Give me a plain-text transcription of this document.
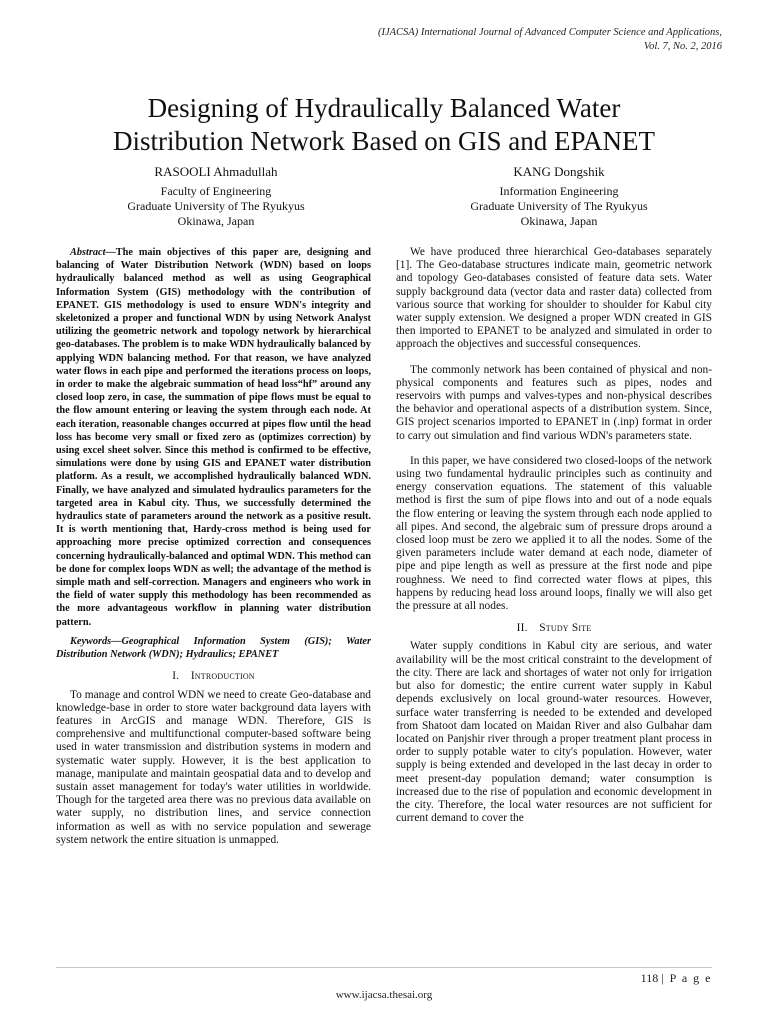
(IJACSA) International Journal of Advanced Computer Science and Applications,
Vol. 7, No. 2, 2016
Designing of Hydraulically Balanced Water
Distribution Network Based on GIS and EPANET
RASOOLI Ahmadullah
Faculty of Engineering
Graduate University of The Ryukyus
Okinawa, Japan
KANG Dongshik
Information Engineering
Graduate University of The Ryukyus
Okinawa, Japan

Abstract—The main objectives of this paper are, designing and balancing of Water Distribution Network (WDN) based on loops hydraulically balanced method as well as using Geographical Information System (GIS) methodology with the contribution of EPANET. GIS methodology is used to ensure WDN's integrity and skeletonized a proper and functional WDN by using Network Analyst utilizing the geometric network and topology network by hierarchical geo-databases. The problem is to make WDN hydraulically balanced by applying WDN balancing method. For that reason, we have analyzed water flows in each pipe and performed the iterations process on loops, in order to make the algebraic summation of head loss“hf” around any closed loop zero, in case, the summation of pipe flows must be equal to the flow amount entering or leaving the system through each node. At each iteration, reasonable changes occurred at pipes flow until the head loss has become very small or fixed zero as (optimizes correction) by using excel sheet solver. Since this method is confirmed to be effective, simulations were done by using GIS and EPANET water distribution platform. As a result, we accomplished hydraulically balanced WDN. Finally, we have analyzed and simulated hydraulics parameters for the targeted area in Kabul city. Thus, we successfully determined the hydraulics state of parameters around the network as a positive result. It is worth mentioning that, Hardy-cross method is being used for approaching more precise optimized correction and consequences concerning hydraulically-balanced and optimal WDN. This method can be done for complex loops WDN as well; the advantage of the method is simple math and self-correction. Managers and engineers who work in the field of water supply this methodology has been recommended as the more advantageous workflow in planning water distribution pattern.

Keywords—Geographical Information System (GIS); Water Distribution Network (WDN); Hydraulics; EPANET

I. Introduction

To manage and control WDN we need to create Geo-database and knowledge-base in order to store water background data layers with features in ArcGIS and manage WDN. Therefore, GIS is comprehensive and multifunctional computer-based software being used in water transmission and distribution systems in modern and systematic water supply. However, it is the best application to manage, manipulate and maintain geospatial data and to develop and sustain asset management for today's water utilities in worldwide. Though for the targeted area there was no previous data available on water supply, no distribution lines, and service connection information as well as with no service population and sewerage system network the entire situation is unmapped.

We have produced three hierarchical Geo-databases separately [1]. The Geo-database structures indicate main, geometric network and topology Geo-databases consisted of feature data sets. Water supply background data (vector data and raster data) collected from various source that working for shoulder to shoulder for Kabul city water supply extension. We designed a proper WDN created in GIS then imported to EPANET to be analyzed and simulated in order to approach the objectives and successful consequences.

The commonly network has been contained of physical and non-physical components and features such as pipes, nodes and reservoirs with pumps and valves-types and non-physical describes the behavior and operational aspects of a distribution system. Since, GIS project scenarios imported to EPANET in (.inp) format in order to carry out simulation and find various WDN's parameters state.

In this paper, we have considered two closed-loops of the network using two fundamental hydraulic principles such as continuity and energy conservation equations. The statement of this valuable method is first the sum of pipe flows into and out of a node equals the flow entering or leaving the system through each node applied to all pipes. And second, the algebraic sum of pressure drops around a closed loop must be zero we applied it to all the nodes. Some of the given parameters include water demand at each node, diameter of pipe and pipe length as well as pressure at the first node and pipe roughness. We need to find corrected water flows at pipes, this happens by reducing head loss around loops, finally we will also get the pressure at all nodes.

II. Study Site

Water supply conditions in Kabul city are serious, and water availability will be the most critical constraint to the development of the city. There are lack and shortages of water not only for irrigation but also for domestic; the entire current water supply in Kabul depends exclusively on local ground-water resources. However, surface water transferring is needed to be extended and developed from Shatoot dam located on Maidan River and also Gulbahar dam located on Panjshir river through a proper treatment plant process in order to supply potable water to city's population. However, water supply is being extended and developed in the last decay in order to meet present-day population demand; water consumption is increased due to the rise of population and economic development in the city. Therefore, the local water resources are not sufficient for current demand to cover the

118 | P a g e
www.ijacsa.thesai.org
